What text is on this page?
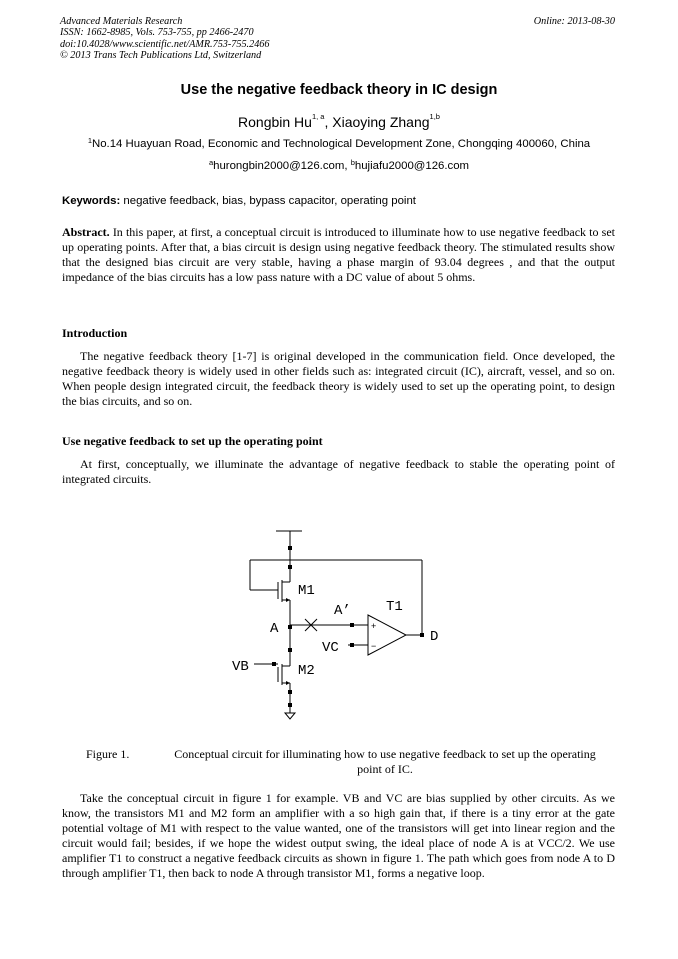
Advanced Materials Research
ISSN: 1662-8985, Vols. 753-755, pp 2466-2470
doi:10.4028/www.scientific.net/AMR.753-755.2466
© 2013 Trans Tech Publications Ltd, Switzerland
Online: 2013-08-30
Use the negative feedback theory in IC design
Rongbin Hu$^{1, a}$, Xiaoying Zhang$^{1,b}$
$^1$No.14 Huayuan Road, Economic and Technological Development Zone, Chongqing 400060, China
$^a$hurongbin2000@126.com, $^b$hujiafu2000@126.com
Keywords: negative feedback, bias, bypass capacitor, operating point
Abstract. In this paper, at first, a conceptual circuit is introduced to illuminate how to use negative feedback to set up operating points. After that, a bias circuit is design using negative feedback theory. The stimulated results show that the designed bias circuit are very stable, having a phase margin of 93.04 degrees , and that the output impedance of the bias circuits has a low pass nature with a DC value of about 5 ohms.
Introduction
The negative feedback theory [1-7] is original developed in the communication field. Once developed, the negative feedback theory is widely used in other fields such as: integrated circuit (IC), aircraft, vessel, and so on. When people design integrated circuit, the feedback theory is widely used to set up the operating point, to design the bias circuits, and so on.
Use negative feedback to set up the operating point
At first, conceptually, we illuminate the advantage of negative feedback to stable the operating point of integrated circuits.
M1
M2
T1
A
A’
VC
VB
D
+
−
Figure 1.	Conceptual circuit for illuminating how to use negative feedback to set up the operating point of IC.
Take the conceptual circuit in figure 1 for example. VB and VC are bias supplied by other circuits. As we know, the transistors M1 and M2 form an amplifier with a so high gain that, if there is a tiny error at the gate potential voltage of M1 with respect to the value wanted, one of the transistors will get into linear region and the circuit would fail; besides, if we hope the widest output swing, the ideal place of node A is at VCC/2. We use amplifier T1 to construct a negative feedback circuits as shown in figure 1. The path which goes from node A to D through amplifier T1, then back to node A through transistor M1, forms a negative loop.
